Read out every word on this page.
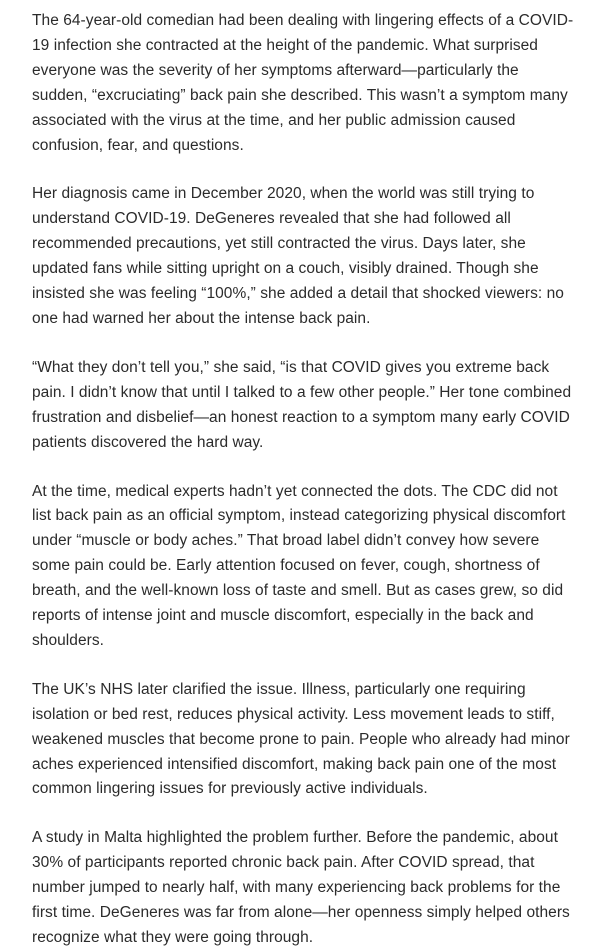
The 64-year-old comedian had been dealing with lingering effects of a COVID-19 infection she contracted at the height of the pandemic. What surprised everyone was the severity of her symptoms afterward—particularly the sudden, “excruciating” back pain she described. This wasn’t a symptom many associated with the virus at the time, and her public admission caused confusion, fear, and questions.

Her diagnosis came in December 2020, when the world was still trying to understand COVID-19. DeGeneres revealed that she had followed all recommended precautions, yet still contracted the virus. Days later, she updated fans while sitting upright on a couch, visibly drained. Though she insisted she was feeling “100%,” she added a detail that shocked viewers: no one had warned her about the intense back pain.

“What they don’t tell you,” she said, “is that COVID gives you extreme back pain. I didn’t know that until I talked to a few other people.” Her tone combined frustration and disbelief—an honest reaction to a symptom many early COVID patients discovered the hard way.

At the time, medical experts hadn’t yet connected the dots. The CDC did not list back pain as an official symptom, instead categorizing physical discomfort under “muscle or body aches.” That broad label didn’t convey how severe some pain could be. Early attention focused on fever, cough, shortness of breath, and the well-known loss of taste and smell. But as cases grew, so did reports of intense joint and muscle discomfort, especially in the back and shoulders.

The UK’s NHS later clarified the issue. Illness, particularly one requiring isolation or bed rest, reduces physical activity. Less movement leads to stiff, weakened muscles that become prone to pain. People who already had minor aches experienced intensified discomfort, making back pain one of the most common lingering issues for previously active individuals.

A study in Malta highlighted the problem further. Before the pandemic, about 30% of participants reported chronic back pain. After COVID spread, that number jumped to nearly half, with many experiencing back problems for the first time. DeGeneres was far from alone—her openness simply helped others recognize what they were going through.
